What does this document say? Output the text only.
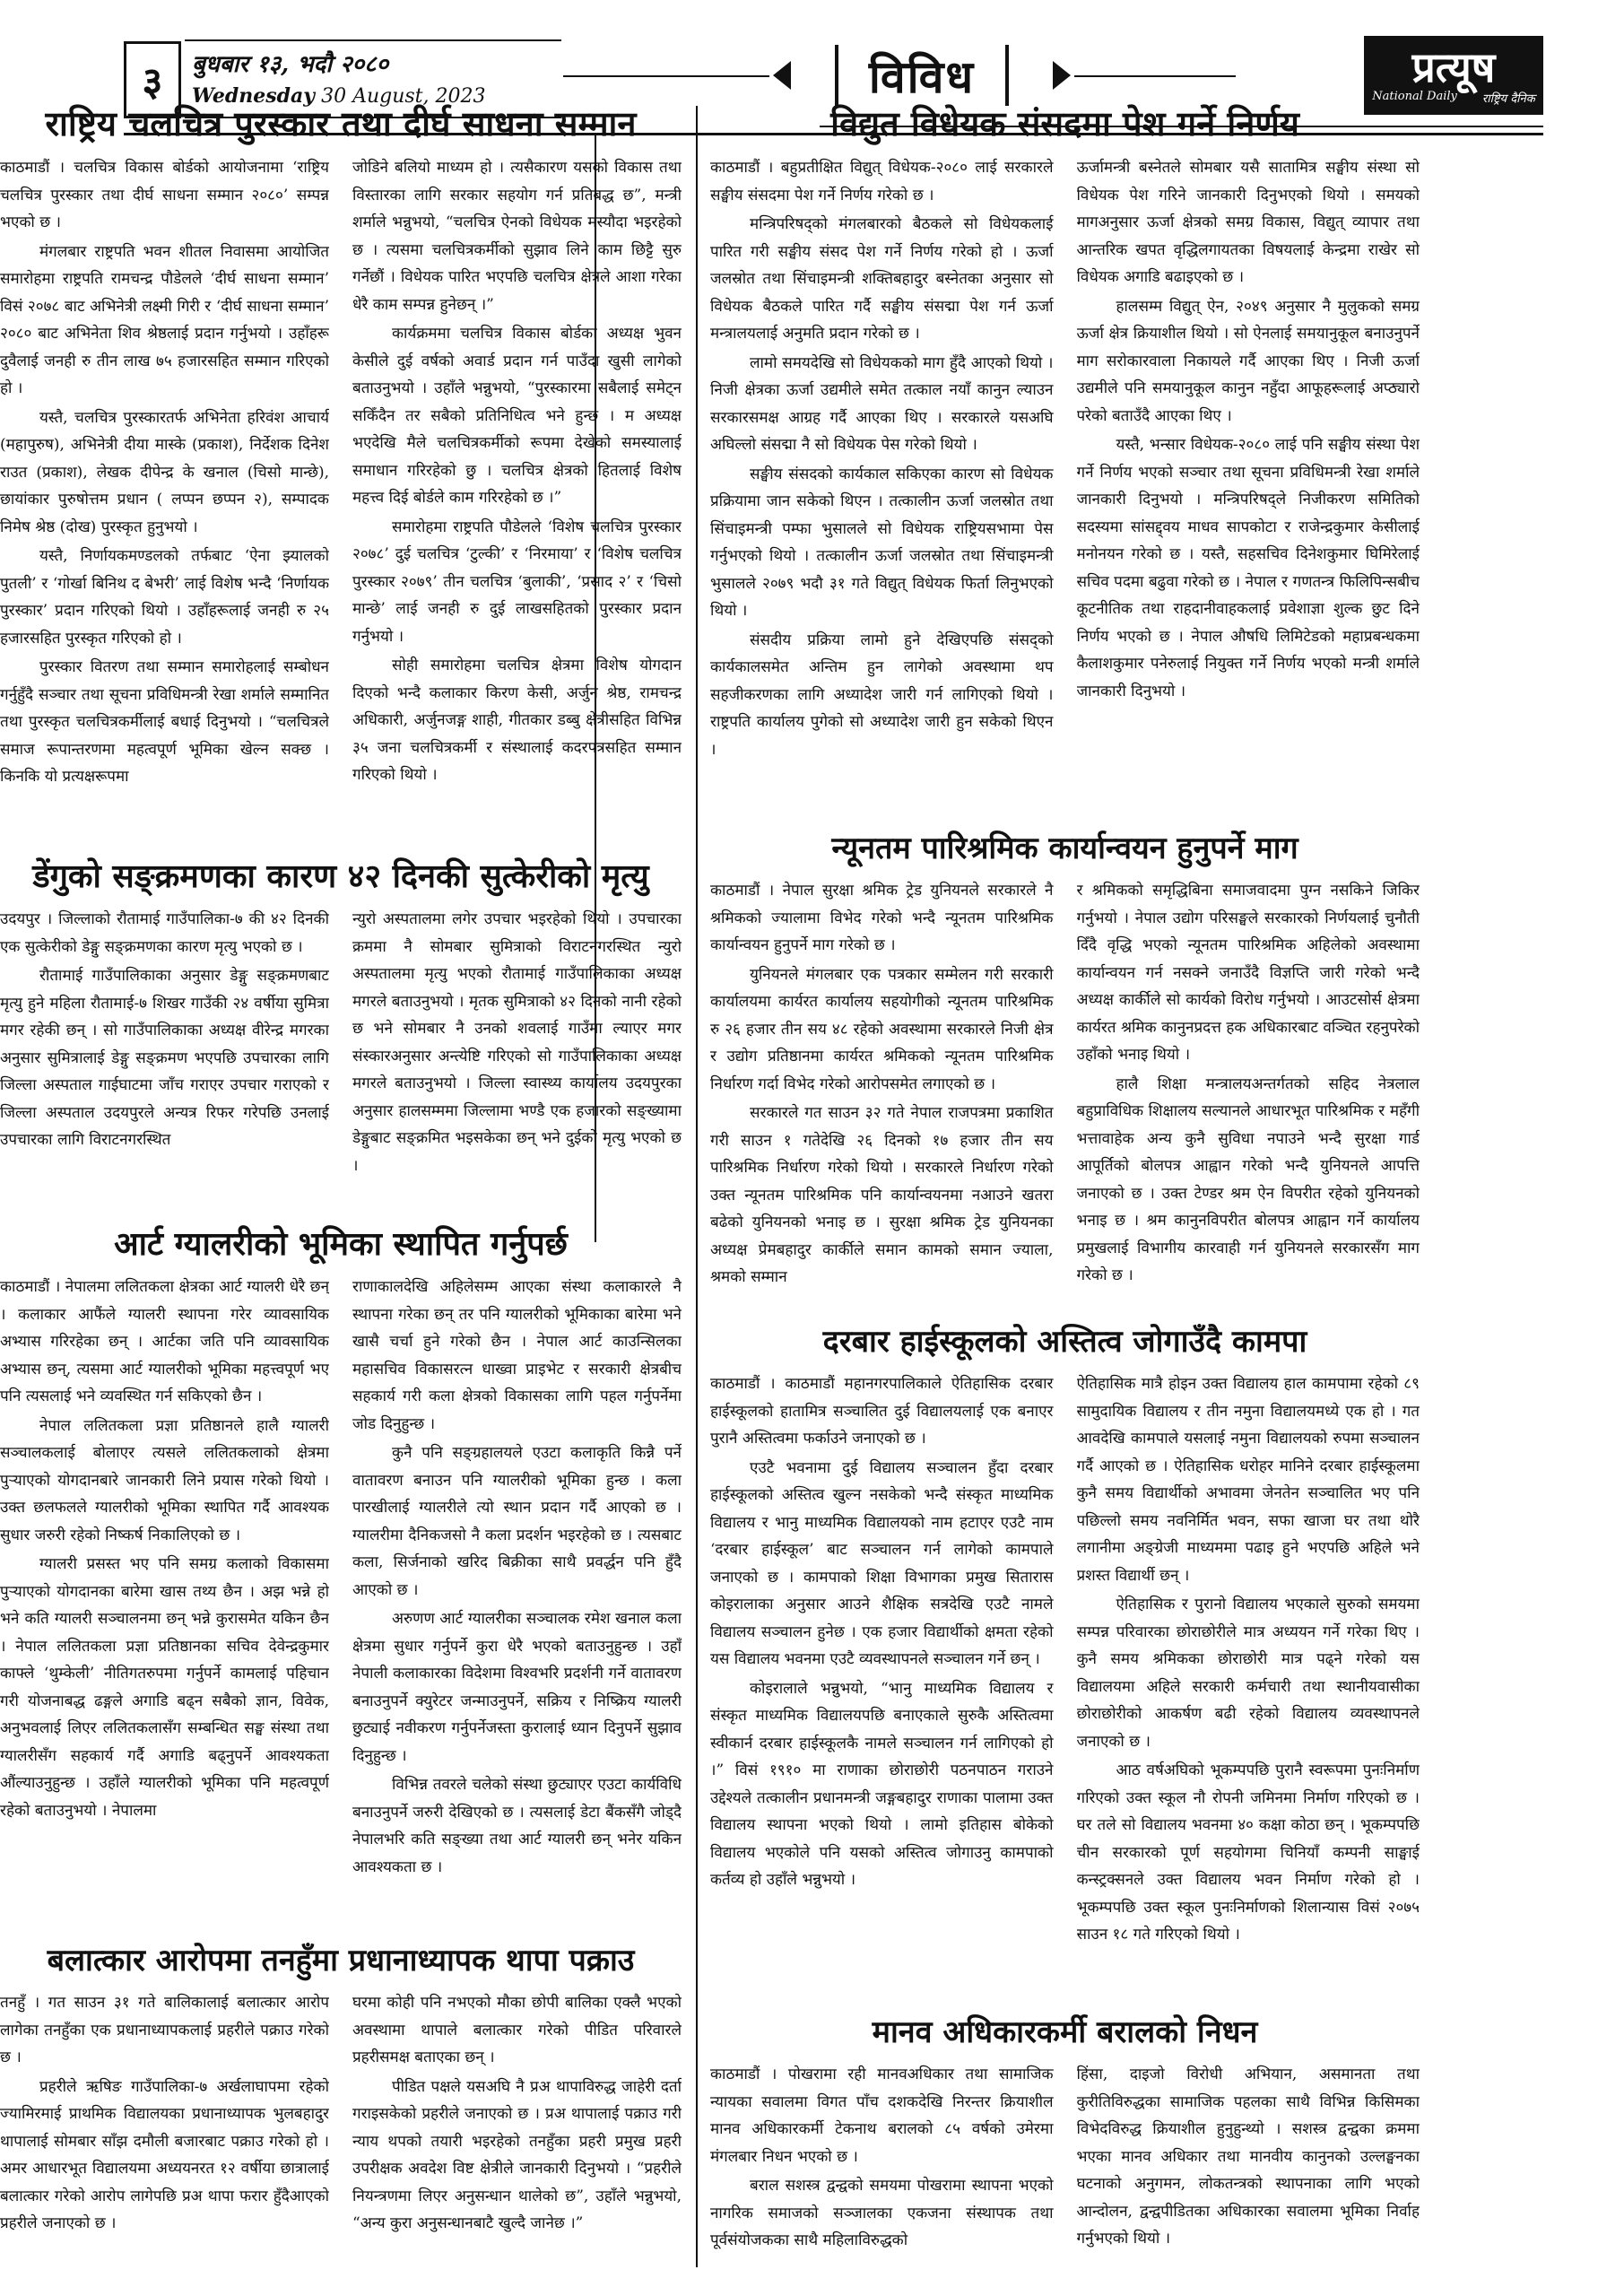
३	बुधबार १३, भदौ २०८०
Wednesday 30 August, 2023	विविध	प्रत्यूष
National Daily राष्ट्रिय दैनिक
राष्ट्रिय चलचित्र पुरस्कार तथा दीर्घ साधना सम्मान

काठमाडौं । चलचित्र विकास बोर्डको आयोजनामा ‘राष्ट्रिय चलचित्र पुरस्कार तथा दीर्घ साधना सम्मान २०८०’ सम्पन्न भएको छ ।

मंगलबार राष्ट्रपति भवन शीतल निवासमा आयोजित समारोहमा राष्ट्रपति रामचन्द्र पौडेलले ‘दीर्घ साधना सम्मान’ विसं २०७८ बाट अभिनेत्री लक्ष्मी गिरी र ‘दीर्घ साधना सम्मान’ २०८० बाट अभिनेता शिव श्रेष्ठलाई प्रदान गर्नुभयो । उहाँहरू दुवैलाई जनही रु तीन लाख ७५ हजारसहित सम्मान गरिएको हो ।

यस्तै, चलचित्र पुरस्कारतर्फ अभिनेता हरिवंश आचार्य (महापुरुष), अभिनेत्री दीया मास्के (प्रकाश), निर्देशक दिनेश राउत (प्रकाश), लेखक दीपेन्द्र के खनाल (चिसो मान्छे), छायांकार पुरुषोत्तम प्रधान ( लप्पन छप्पन २), सम्पादक निमेष श्रेष्ठ (दोख) पुरस्कृत हुनुभयो ।

यस्तै, निर्णायकमण्डलको तर्फबाट ‘ऐना झ्यालको पुतली’ र ‘गोर्खा बिनिथ द बेभरी’ लाई विशेष भन्दै ‘निर्णायक पुरस्कार’ प्रदान गरिएको थियो । उहाँहरूलाई जनही रु २५ हजारसहित पुरस्कृत गरिएको हो ।

पुरस्कार वितरण तथा सम्मान समारोहलाई सम्बोधन गर्नुहुँदै सञ्चार तथा सूचना प्रविधिमन्त्री रेखा शर्माले सम्मानित तथा पुरस्कृत चलचित्रकर्मीलाई बधाई दिनुभयो । “चलचित्रले समाज रूपान्तरणमा महत्वपूर्ण भूमिका खेल्न सक्छ । किनकि यो प्रत्यक्षरूपमा

जोडिने बलियो माध्यम हो । त्यसैकारण यसको विकास तथा विस्तारका लागि सरकार सहयोग गर्न प्रतिबद्ध छ”, मन्त्री शर्माले भन्नुभयो, “चलचित्र ऐनको विधेयक मस्यौदा भइरहेको छ । त्यसमा चलचित्रकर्मीको सुझाव लिने काम छिट्टै सुरु गर्नेछौं । विधेयक पारित भएपछि चलचित्र क्षेत्रले आशा गरेका धेरै काम सम्पन्न हुनेछन् ।”

कार्यक्रममा चलचित्र विकास बोर्डका अध्यक्ष भुवन केसीले दुई वर्षको अवार्ड प्रदान गर्न पाउँदा खुसी लागेको बताउनुभयो । उहाँले भन्नुभयो, “पुरस्कारमा सबैलाई समेट्न सकिँदैन तर सबैको प्रतिनिधित्व भने हुन्छ । म अध्यक्ष भएदेखि मैले चलचित्रकर्मीको रूपमा देखेको समस्यालाई समाधान गरिरहेको छु । चलचित्र क्षेत्रको हितलाई विशेष महत्त्व दिई बोर्डले काम गरिरहेको छ ।”

समारोहमा राष्ट्रपति पौडेलले ‘विशेष चलचित्र पुरस्कार २०७८’ दुई चलचित्र ‘टुल्की’ र ‘निरमाया’ र ‘विशेष चलचित्र पुरस्कार २०७९’ तीन चलचित्र ‘बुलाकी’, ‘प्रसाद २’ र ‘चिसो मान्छे’ लाई जनही रु दुई लाखसहितको पुरस्कार प्रदान गर्नुभयो ।

सोही समारोहमा चलचित्र क्षेत्रमा विशेष योगदान दिएको भन्दै कलाकार किरण केसी, अर्जुन श्रेष्ठ, रामचन्द्र अधिकारी, अर्जुनजङ्ग शाही, गीतकार डब्बु क्षेत्रीसहित विभिन्न ३५ जना चलचित्रकर्मी र संस्थालाई कदरपत्रसहित सम्मान गरिएको थियो ।

डेंगुको सङ्क्रमणका कारण ४२ दिनकी सुत्केरीको मृत्यु

उदयपुर । जिल्लाको रौतामाई गाउँपालिका-७ की ४२ दिनकी एक सुत्केरीको डेङ्गु सङ्क्रमणका कारण मृत्यु भएको छ ।

रौतामाई गाउँपालिकाका अनुसार डेङ्गु सङ्क्रमणबाट मृत्यु हुने महिला रौतामाई-७ शिखर गाउँकी २४ वर्षीया सुमित्रा मगर रहेकी छन् । सो गाउँपालिकाका अध्यक्ष वीरेन्द्र मगरका अनुसार सुमित्रालाई डेङ्गु सङ्क्रमण भएपछि उपचारका लागि जिल्ला अस्पताल गाईघाटमा जाँच गराएर उपचार गराएको र जिल्ला अस्पताल उदयपुरले अन्यत्र रिफर गरेपछि उनलाई उपचारका लागि विराटनगरस्थित

न्युरो अस्पतालमा लगेर उपचार भइरहेको थियो । उपचारका क्रममा नै सोमबार सुमित्राको विराटनगरस्थित न्युरो अस्पतालमा मृत्यु भएको रौतामाई गाउँपालिकाका अध्यक्ष मगरले बताउनुभयो । मृतक सुमित्राको ४२ दिनको नानी रहेको छ भने सोमबार नै उनको शवलाई गाउँमा ल्याएर मगर संस्कारअनुसार अन्त्येष्टि गरिएको सो गाउँपालिकाका अध्यक्ष मगरले बताउनुभयो । जिल्ला स्वास्थ्य कार्यालय उदयपुरका अनुसार हालसम्ममा जिल्लामा भण्डै एक हजारको सङ्ख्यामा डेङ्गुबाट सङ्क्रमित भइसकेका छन् भने दुईको मृत्यु भएको छ ।

आर्ट ग्यालरीको भूमिका स्थापित गर्नुपर्छ

काठमाडौं । नेपालमा ललितकला क्षेत्रका आर्ट ग्यालरी धेरै छन् । कलाकार आफैंले ग्यालरी स्थापना गरेर व्यावसायिक अभ्यास गरिरहेका छन् । आर्टका जति पनि व्यावसायिक अभ्यास छन्, त्यसमा आर्ट ग्यालरीको भूमिका महत्त्वपूर्ण भए पनि त्यसलाई भने व्यवस्थित गर्न सकिएको छैन ।

नेपाल ललितकला प्रज्ञा प्रतिष्ठानले हालै ग्यालरी सञ्चालकलाई बोलाएर त्यसले ललितकलाको क्षेत्रमा पुऱ्याएको योगदानबारे जानकारी लिने प्रयास गरेको थियो । उक्त छलफलले ग्यालरीको भूमिका स्थापित गर्दै आवश्यक सुधार जरुरी रहेको निष्कर्ष निकालिएको छ ।

ग्यालरी प्रसस्त भए पनि समग्र कलाको विकासमा पुऱ्याएको योगदानका बारेमा खास तथ्य छैन । अझ भन्ने हो भने कति ग्यालरी सञ्चालनमा छन् भन्ने कुरासमेत यकिन छैन । नेपाल ललितकला प्रज्ञा प्रतिष्ठानका सचिव देवेन्द्रकुमार काफ्ले ‘थुम्केली’ नीतिगतरुपमा गर्नुपर्ने कामलाई पहिचान गरी योजनाबद्ध ढङ्गले अगाडि बढ्न सबैको ज्ञान, विवेक, अनुभवलाई लिएर ललितकलासँग सम्बन्धित सङ्घ संस्था तथा ग्यालरीसँग सहकार्य गर्दै अगाडि बढ्नुपर्ने आवश्यकता औंल्याउनुहुन्छ । उहाँले ग्यालरीको भूमिका पनि महत्वपूर्ण रहेको बताउनुभयो । नेपालमा

राणाकालदेखि अहिलेसम्म आएका संस्था कलाकारले नै स्थापना गरेका छन् तर पनि ग्यालरीको भूमिकाका बारेमा भने खासै चर्चा हुने गरेको छैन । नेपाल आर्ट काउन्सिलका महासचिव विकासरत्न धाख्वा प्राइभेट र सरकारी क्षेत्रबीच सहकार्य गरी कला क्षेत्रको विकासका लागि पहल गर्नुपर्नेमा जोड दिनुहुन्छ ।

कुनै पनि सङ्ग्रहालयले एउटा कलाकृति किन्नै पर्ने वातावरण बनाउन पनि ग्यालरीको भूमिका हुन्छ । कला पारखीलाई ग्यालरीले त्यो स्थान प्रदान गर्दै आएको छ । ग्यालरीमा दैनिकजसो नै कला प्रदर्शन भइरहेको छ । त्यसबाट कला, सिर्जनाको खरिद बिक्रीका साथै प्रवर्द्धन पनि हुँदै आएको छ ।

अरुणण आर्ट ग्यालरीका सञ्चालक रमेश खनाल कला क्षेत्रमा सुधार गर्नुपर्ने कुरा धेरै भएको बताउनुहुन्छ । उहाँ नेपाली कलाकारका विदेशमा विश्वभरि प्रदर्शनी गर्ने वातावरण बनाउनुपर्ने क्युरेटर जन्माउनुपर्ने, सक्रिय र निष्क्रिय ग्यालरी छुट्याई नवीकरण गर्नुपर्नेजस्ता कुरालाई ध्यान दिनुपर्ने सुझाव दिनुहुन्छ ।

विभिन्न तवरले चलेको संस्था छुट्याएर एउटा कार्यविधि बनाउनुपर्ने जरुरी देखिएको छ । त्यसलाई डेटा बैंकसँगै जोड्दै नेपालभरि कति सङ्ख्या तथा आर्ट ग्यालरी छन् भनेर यकिन आवश्यकता छ ।

बलात्कार आरोपमा तनहुँमा प्रधानाध्यापक थापा पक्राउ

तनहुँ । गत साउन ३१ गते बालिकालाई बलात्कार आरोप लागेका तनहुँका एक प्रधानाध्यापकलाई प्रहरीले पक्राउ गरेको छ ।

प्रहरीले ऋषिङ गाउँपालिका-७ अर्खलाघापमा रहेको ज्यामिरमाई प्राथमिक विद्यालयका प्रधानाध्यापक भुलबहादुर थापालाई सोमबार साँझ दमौली बजारबाट पक्राउ गरेको हो । अमर आधारभूत विद्यालयमा अध्ययनरत १२ वर्षीया छात्रालाई बलात्कार गरेको आरोप लागेपछि प्रअ थापा फरार हुँदैआएको प्रहरीले जनाएको छ ।

घरमा कोही पनि नभएको मौका छोपी बालिका एक्लै भएको अवस्थामा थापाले बलात्कार गरेको पीडित परिवारले प्रहरीसमक्ष बताएका छन् ।

पीडित पक्षले यसअघि नै प्रअ थापाविरुद्ध जाहेरी दर्ता गराइसकेको प्रहरीले जनाएको छ । प्रअ थापालाई पक्राउ गरी न्याय थपको तयारी भइरहेको तनहुँका प्रहरी प्रमुख प्रहरी उपरीक्षक अवदेश विष्ट क्षेत्रीले जानकारी दिनुभयो । “प्रहरीले नियन्त्रणमा लिएर अनुसन्धान थालेको छ”, उहाँले भन्नुभयो, “अन्य कुरा अनुसन्धानबाटै खुल्दै जानेछ ।”

विद्युत विधेयक संसदमा पेश गर्ने निर्णय

काठमाडौं । बहुप्रतीक्षित विद्युत् विधेयक-२०८० लाई सरकारले सङ्घीय संसदमा पेश गर्ने निर्णय गरेको छ ।

मन्त्रिपरिषद्को मंगलबारको बैठकले सो विधेयकलाई पारित गरी सङ्घीय संसद पेश गर्ने निर्णय गरेको हो । ऊर्जा जलस्रोत तथा सिंचाइमन्त्री शक्तिबहादुर बस्नेतका अनुसार सो विधेयक बैठकले पारित गर्दै सङ्घीय संसद्मा पेश गर्न ऊर्जा मन्त्रालयलाई अनुमति प्रदान गरेको छ ।

लामो समयदेखि सो विधेयकको माग हुँदै आएको थियो । निजी क्षेत्रका ऊर्जा उद्यमीले समेत तत्काल नयाँ कानुन ल्याउन सरकारसमक्ष आग्रह गर्दै आएका थिए । सरकारले यसअघि अघिल्लो संसद्मा नै सो विधेयक पेस गरेको थियो ।

सङ्घीय संसदको कार्यकाल सकिएका कारण सो विधेयक प्रक्रियामा जान सकेको थिएन । तत्कालीन ऊर्जा जलस्रोत तथा सिंचाइमन्त्री पम्फा भुसालले सो विधेयक राष्ट्रियसभामा पेस गर्नुभएको थियो । तत्कालीन ऊर्जा जलस्रोत तथा सिंचाइमन्त्री भुसालले २०७९ भदौ ३१ गते विद्युत् विधेयक फिर्ता लिनुभएको थियो ।

संसदीय प्रक्रिया लामो हुने देखिएपछि संसद्को कार्यकालसमेत अन्तिम हुन लागेको अवस्थामा थप सहजीकरणका लागि अध्यादेश जारी गर्न लागिएको थियो । राष्ट्रपति कार्यालय पुगेको सो अध्यादेश जारी हुन सकेको थिएन ।

ऊर्जामन्त्री बस्नेतले सोमबार यसै सातामित्र सङ्घीय संस्था सो विधेयक पेश गरिने जानकारी दिनुभएको थियो । समयको मागअनुसार ऊर्जा क्षेत्रको समग्र विकास, विद्युत् व्यापार तथा आन्तरिक खपत वृद्धिलगायतका विषयलाई केन्द्रमा राखेर सो विधेयक अगाडि बढाइएको छ ।

हालसम्म विद्युत् ऐन, २०४९ अनुसार नै मुलुकको समग्र ऊर्जा क्षेत्र क्रियाशील थियो । सो ऐनलाई समयानुकूल बनाउनुपर्ने माग सरोकारवाला निकायले गर्दै आएका थिए । निजी ऊर्जा उद्यमीले पनि समयानुकूल कानुन नहुँदा आफूहरूलाई अप्ठ्यारो परेको बताउँदै आएका थिए ।

यस्तै, भन्सार विधेयक-२०८० लाई पनि सङ्घीय संस्था पेश गर्ने निर्णय भएको सञ्चार तथा सूचना प्रविधिमन्त्री रेखा शर्माले जानकारी दिनुभयो । मन्त्रिपरिषद्ले निजीकरण समितिको सदस्यमा सांसद्द्वय माधव सापकोटा र राजेन्द्रकुमार केसीलाई मनोनयन गरेको छ । यस्तै, सहसचिव दिनेशकुमार घिमिरेलाई सचिव पदमा बढुवा गरेको छ । नेपाल र गणतन्त्र फिलिपिन्सबीच कूटनीतिक तथा राहदानीवाहकलाई प्रवेशाज्ञा शुल्क छुट दिने निर्णय भएको छ । नेपाल औषधि लिमिटेडको महाप्रबन्धकमा कैलाशकुमार पनेरुलाई नियुक्त गर्ने निर्णय भएको मन्त्री शर्माले जानकारी दिनुभयो ।

न्यूनतम पारिश्रमिक कार्यान्वयन हुनुपर्ने माग

काठमाडौं । नेपाल सुरक्षा श्रमिक ट्रेड युनियनले सरकारले नै श्रमिकको ज्यालामा विभेद गरेको भन्दै न्यूनतम पारिश्रमिक कार्यान्वयन हुनुपर्ने माग गरेको छ ।

युनियनले मंगलबार एक पत्रकार सम्मेलन गरी सरकारी कार्यालयमा कार्यरत कार्यालय सहयोगीको न्यूनतम पारिश्रमिक रु २६ हजार तीन सय ४८ रहेको अवस्थामा सरकारले निजी क्षेत्र र उद्योग प्रतिष्ठानमा कार्यरत श्रमिकको न्यूनतम पारिश्रमिक निर्धारण गर्दा विभेद गरेको आरोपसमेत लगाएको छ ।

सरकारले गत साउन ३२ गते नेपाल राजपत्रमा प्रकाशित गरी साउन १ गतेदेखि २६ दिनको १७ हजार तीन सय पारिश्रमिक निर्धारण गरेको थियो । सरकारले निर्धारण गरेको उक्त न्यूनतम पारिश्रमिक पनि कार्यान्वयनमा नआउने खतरा बढेको युनियनको भनाइ छ । सुरक्षा श्रमिक ट्रेड युनियनका अध्यक्ष प्रेमबहादुर कार्कीले समान कामको समान ज्याला, श्रमको सम्मान

र श्रमिकको समृद्धिबिना समाजवादमा पुग्न नसकिने जिकिर गर्नुभयो । नेपाल उद्योग परिसङ्घले सरकारको निर्णयलाई चुनौती दिँदै वृद्धि भएको न्यूनतम पारिश्रमिक अहिलेको अवस्थामा कार्यान्वयन गर्न नसक्ने जनाउँदै विज्ञप्ति जारी गरेको भन्दै अध्यक्ष कार्कीले सो कार्यको विरोध गर्नुभयो । आउटसोर्स क्षेत्रमा कार्यरत श्रमिक कानुनप्रदत्त हक अधिकारबाट वञ्चित रहनुपरेको उहाँको भनाइ थियो ।

हालै शिक्षा मन्त्रालयअन्तर्गतको सहिद नेत्रलाल बहुप्राविधिक शिक्षालय सल्यानले आधारभूत पारिश्रमिक र महँगी भत्तावाहेक अन्य कुनै सुविधा नपाउने भन्दै सुरक्षा गार्ड आपूर्तिको बोलपत्र आह्वान गरेको भन्दै युनियनले आपत्ति जनाएको छ । उक्त टेण्डर श्रम ऐन विपरीत रहेको युनियनको भनाइ छ । श्रम कानुनविपरीत बोलपत्र आह्वान गर्ने कार्यालय प्रमुखलाई विभागीय कारवाही गर्न युनियनले सरकारसँग माग गरेको छ ।

दरबार हाईस्कूलको अस्तित्व जोगाउँदै कामपा

काठमाडौं । काठमाडौं महानगरपालिकाले ऐतिहासिक दरबार हाईस्कूलको हातामित्र सञ्चालित दुई विद्यालयलाई एक बनाएर पुरानै अस्तित्वमा फर्काउने जनाएको छ ।

एउटै भवनामा दुई विद्यालय सञ्चालन हुँदा दरबार हाईस्कूलको अस्तित्व खुल्न नसकेको भन्दै संस्कृत माध्यमिक विद्यालय र भानु माध्यमिक विद्यालयको नाम हटाएर एउटै नाम ‘दरबार हाईस्कूल’ बाट सञ्चालन गर्न लागेको कामपाले जनाएको छ । कामपाको शिक्षा विभागका प्रमुख सितारास कोइरालाका अनुसार आउने शैक्षिक सत्रदेखि एउटै नामले विद्यालय सञ्चालन हुनेछ । एक हजार विद्यार्थीको क्षमता रहेको यस विद्यालय भवनमा एउटै व्यवस्थापनले सञ्चालन गर्ने छन् ।

कोइरालाले भन्नुभयो, “भानु माध्यमिक विद्यालय र संस्कृत माध्यमिक विद्यालयपछि बनाएकाले सुरुकै अस्तित्वमा स्वीकार्न दरबार हाईस्कूलकै नामले सञ्चालन गर्न लागिएको हो ।” विसं १९१० मा राणाका छोराछोरी पठनपाठन गराउने उद्देश्यले तत्कालीन प्रधानमन्त्री जङ्गबहादुर राणाका पालामा उक्त विद्यालय स्थापना भएको थियो । लामो इतिहास बोकेको विद्यालय भएकोले पनि यसको अस्तित्व जोगाउनु कामपाको कर्तव्य हो उहाँले भन्नुभयो ।

ऐतिहासिक मात्रै होइन उक्त विद्यालय हाल कामपामा रहेको ८९ सामुदायिक विद्यालय र तीन नमुना विद्यालयमध्ये एक हो । गत आवदेखि कामपाले यसलाई नमुना विद्यालयको रुपमा सञ्चालन गर्दै आएको छ । ऐतिहासिक धरोहर मानिने दरबार हाईस्कूलमा कुनै समय विद्यार्थीको अभावमा जेनतेन सञ्चालित भए पनि पछिल्लो समय नवनिर्मित भवन, सफा खाजा घर तथा थोरै लगानीमा अङ्ग्रेजी माध्यममा पढाइ हुने भएपछि अहिले भने प्रशस्त विद्यार्थी छन् ।

ऐतिहासिक र पुरानो विद्यालय भएकाले सुरुको समयमा सम्पन्न परिवारका छोराछोरीले मात्र अध्ययन गर्ने गरेका थिए । कुनै समय श्रमिकका छोराछोरी मात्र पढ्ने गरेको यस विद्यालयमा अहिले सरकारी कर्मचारी तथा स्थानीयवासीका छोराछोरीको आकर्षण बढी रहेको विद्यालय व्यवस्थापनले जनाएको छ ।

आठ वर्षअघिको भूकम्पपछि पुरानै स्वरूपमा पुनःनिर्माण गरिएको उक्त स्कूल नौ रोपनी जमिनमा निर्माण गरिएको छ । घर तले सो विद्यालय भवनमा ४० कक्षा कोठा छन् । भूकम्पपछि चीन सरकारको पूर्ण सहयोगमा चिनियाँ कम्पनी साङ्घाई कन्स्ट्रक्सनले उक्त विद्यालय भवन निर्माण गरेको हो । भूकम्पपछि उक्त स्कूल पुनःनिर्माणको शिलान्यास विसं २०७५ साउन १८ गते गरिएको थियो ।

मानव अधिकारकर्मी बरालको निधन

काठमाडौं । पोखरामा रही मानवअधिकार तथा सामाजिक न्यायका सवालमा विगत पाँच दशकदेखि निरन्तर क्रियाशील मानव अधिकारकर्मी टेकनाथ बरालको ८५ वर्षको उमेरमा मंगलबार निधन भएको छ ।

बराल सशस्त्र द्वन्द्वको समयमा पोखरामा स्थापना भएको नागरिक समाजको सञ्जालका एकजना संस्थापक तथा पूर्वसंयोजकका साथै महिलाविरुद्धको

हिंसा, दाइजो विरोधी अभियान, असमानता तथा कुरीतिविरुद्धका सामाजिक पहलका साथै विभिन्न किसिमका विभेदविरुद्ध क्रियाशील हुनुहुन्थ्यो । सशस्त्र द्वन्द्वका क्रममा भएका मानव अधिकार तथा मानवीय कानुनको उल्लङ्घनका घटनाको अनुगमन, लोकतन्त्रको स्थापनाका लागि भएको आन्दोलन, द्वन्द्वपीडितका अधिकारका सवालमा भूमिका निर्वाह गर्नुभएको थियो ।
